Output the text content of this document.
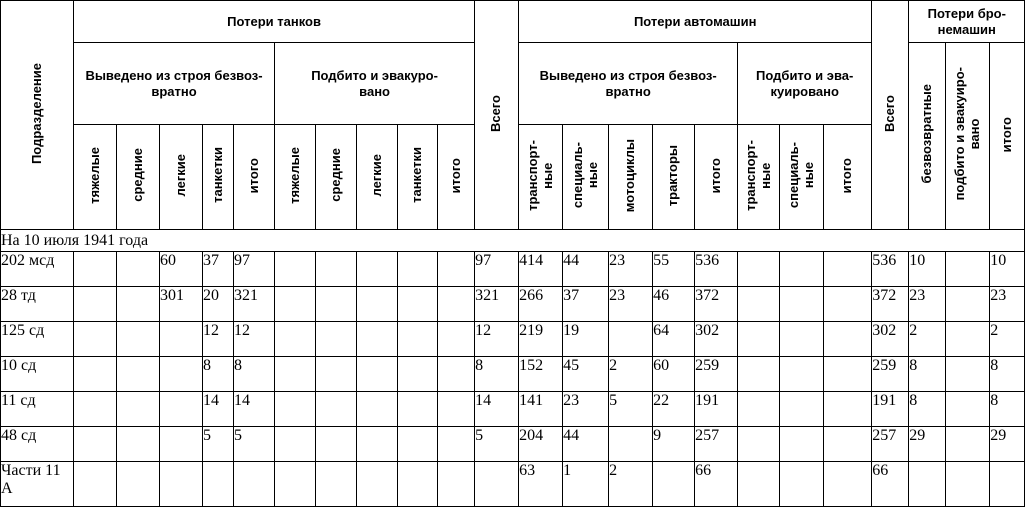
Подразделение	Потери танков										Всего	Потери автомашин								Всего	Потери бро-
немашин		
	Выведено из строя безвоз-
вратно					Подбито и эвакуро-
вано						Выведено из строя безвоз-
вратно					Подбито и эва-
куировано				безвозвратные	подбито и эвакуиро-
вано	итого
	тяжелые	средние	легкие	танкетки	итого	тяжелые	средние	легкие	танкетки	итого		транспорт-
ные	специаль-
ные	мотоциклы	тракторы	итого	транспорт-
ные	специаль-
ные	итого				
На 10 июля 1941 года																							
202 мсд			60	37	97						97	414	44	23	55	536				536	10		10
28 тд			301	20	321						321	266	37	23	46	372				372	23		23
125 сд				12	12						12	219	19		64	302				302	2		2
10 сд				8	8						8	152	45	2	60	259				259	8		8
11 сд				14	14						14	141	23	5	22	191				191	8		8
48 сд				5	5						5	204	44		9	257				257	29		29
Части 11 А												63	1	2		66				66			
